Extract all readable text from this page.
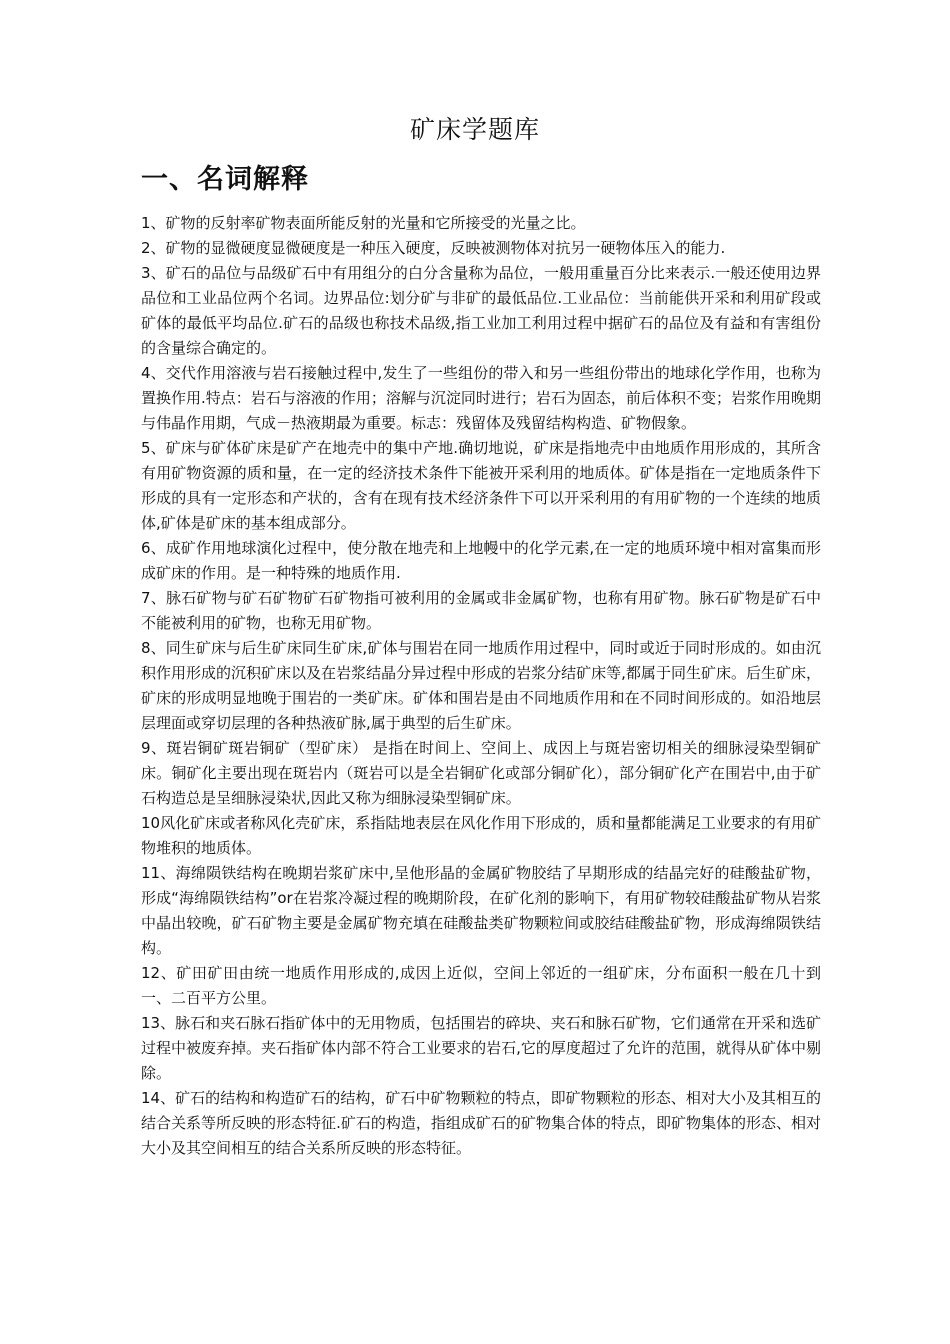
矿床学题库
一、名词解释

1、矿物的反射率矿物表面所能反射的光量和它所接受的光量之比。

2、矿物的显微硬度显微硬度是一种压入硬度，反映被测物体对抗另一硬物体压入的能力.

3、矿石的品位与品级矿石中有用组分的白分含量称为品位，一般用重量百分比来表示.一般还使用边界品位和工业品位两个名词。边界品位:划分矿与非矿的最低品位.工业品位：当前能供开采和利用矿段或矿体的最低平均品位.矿石的品级也称技术品级,指工业加工利用过程中据矿石的品位及有益和有害组份的含量综合确定的。

4、交代作用溶液与岩石接触过程中,发生了一些组份的带入和另一些组份带出的地球化学作用，也称为置换作用.特点：岩石与溶液的作用；溶解与沉淀同时进行；岩石为固态，前后体积不变；岩浆作用晚期与伟晶作用期，气成－热液期最为重要。标志：残留体及残留结构构造、矿物假象。

5、矿床与矿体矿床是矿产在地壳中的集中产地.确切地说，矿床是指地壳中由地质作用形成的，其所含有用矿物资源的质和量，在一定的经济技术条件下能被开采利用的地质体。矿体是指在一定地质条件下形成的具有一定形态和产状的，含有在现有技术经济条件下可以开采利用的有用矿物的一个连续的地质体,矿体是矿床的基本组成部分。

6、成矿作用地球演化过程中，使分散在地壳和上地幔中的化学元素,在一定的地质环境中相对富集而形成矿床的作用。是一种特殊的地质作用.

7、脉石矿物与矿石矿物矿石矿物指可被利用的金属或非金属矿物，也称有用矿物。脉石矿物是矿石中不能被利用的矿物，也称无用矿物。

8、同生矿床与后生矿床同生矿床,矿体与围岩在同一地质作用过程中，同时或近于同时形成的。如由沉积作用形成的沉积矿床以及在岩浆结晶分异过程中形成的岩浆分结矿床等,都属于同生矿床。后生矿床，矿床的形成明显地晚于围岩的一类矿床。矿体和围岩是由不同地质作用和在不同时间形成的。如沿地层层理面或穿切层理的各种热液矿脉,属于典型的后生矿床。

9、斑岩铜矿斑岩铜矿（型矿床） 是指在时间上、空间上、成因上与斑岩密切相关的细脉浸染型铜矿床。铜矿化主要出现在斑岩内（斑岩可以是全岩铜矿化或部分铜矿化），部分铜矿化产在围岩中,由于矿石构造总是呈细脉浸染状,因此又称为细脉浸染型铜矿床。

10风化矿床或者称风化壳矿床，系指陆地表层在风化作用下形成的，质和量都能满足工业要求的有用矿物堆积的地质体。

11、海绵陨铁结构在晚期岩浆矿床中,呈他形晶的金属矿物胶结了早期形成的结晶完好的硅酸盐矿物，形成“海绵陨铁结构”or在岩浆冷凝过程的晚期阶段，在矿化剂的影响下，有用矿物较硅酸盐矿物从岩浆中晶出较晚，矿石矿物主要是金属矿物充填在硅酸盐类矿物颗粒间或胶结硅酸盐矿物，形成海绵陨铁结构。

12、矿田矿田由统一地质作用形成的,成因上近似，空间上邻近的一组矿床，分布面积一般在几十到一、二百平方公里。

13、脉石和夹石脉石指矿体中的无用物质，包括围岩的碎块、夹石和脉石矿物，它们通常在开采和选矿过程中被废弃掉。夹石指矿体内部不符合工业要求的岩石,它的厚度超过了允许的范围，就得从矿体中剔除。

14、矿石的结构和构造矿石的结构，矿石中矿物颗粒的特点，即矿物颗粒的形态、相对大小及其相互的结合关系等所反映的形态特征.矿石的构造，指组成矿石的矿物集合体的特点，即矿物集体的形态、相对大小及其空间相互的结合关系所反映的形态特征。
